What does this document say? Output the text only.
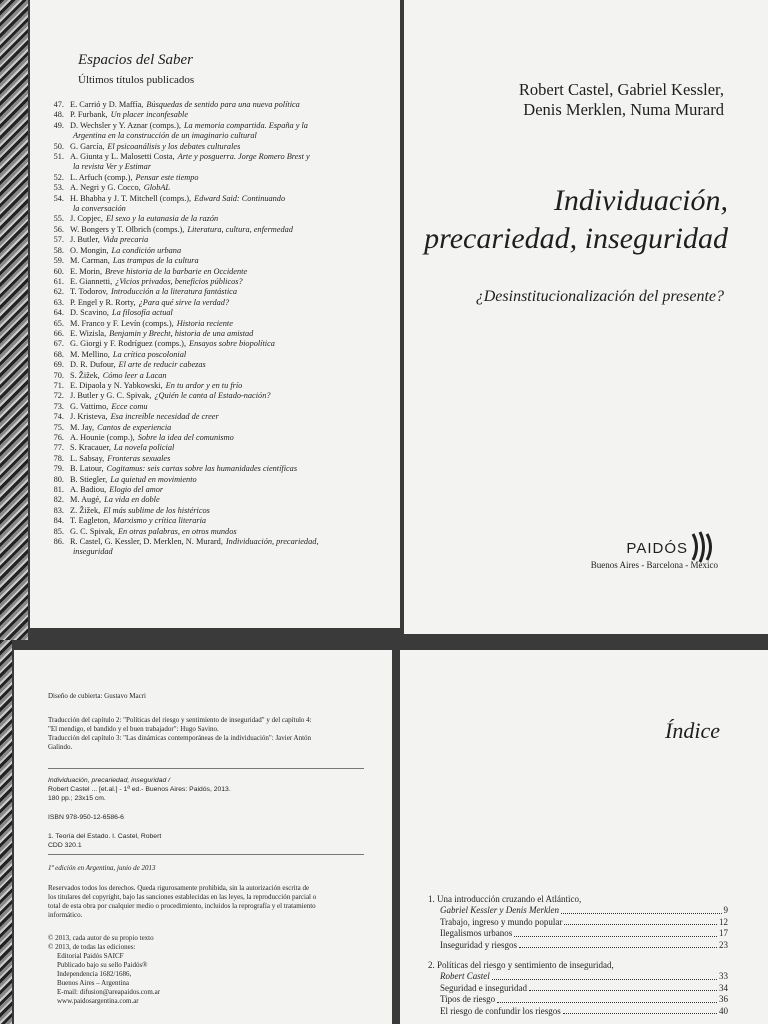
Espacios del Saber
Últimos títulos publicados
47. E. Carrió y D. Maffía, Búsquedas de sentido para una nueva política
48. P. Furbank, Un placer inconfesable
49. D. Wechsler y Y. Aznar (comps.), La memoria compartida. España y la
Argentina en la construcción de un imaginario cultural
50. G. García, El psicoanálisis y los debates culturales
51. A. Giunta y L. Malosetti Costa, Arte y posguerra. Jorge Romero Brest y
la revista Ver y Estimar
52. L. Arfuch (comp.), Pensar este tiempo
53. A. Negri y G. Cocco, GlobAL
54. H. Bhabha y J. T. Mitchell (comps.), Edward Said: Continuando
la conversación
55. J. Copjec, El sexo y la eutanasia de la razón
56. W. Bongers y T. Olbrich (comps.), Literatura, cultura, enfermedad
57. J. Butler, Vida precaria
58. O. Mongin, La condición urbana
59. M. Carman, Las trampas de la cultura
60. E. Morin, Breve historia de la barbarie en Occidente
61. E. Giannetti, ¿Vicios privados, beneficios públicos?
62. T. Todorov, Introducción a la literatura fantástica
63. P. Engel y R. Rorty, ¿Para qué sirve la verdad?
64. D. Scavino, La filosofía actual
65. M. Franco y F. Levín (comps.), Historia reciente
66. E. Wizisla, Benjamin y Brecht, historia de una amistad
67. G. Giorgi y F. Rodríguez (comps.), Ensayos sobre biopolítica
68. M. Mellino, La crítica poscolonial
69. D. R. Dufour, El arte de reducir cabezas
70. S. Žižek, Cómo leer a Lacan
71. E. Dipaola y N. Yabkowski, En tu ardor y en tu frío
72. J. Butler y G. C. Spivak, ¿Quién le canta al Estado-nación?
73. G. Vattimo, Ecce comu
74. J. Kristeva, Esa increíble necesidad de creer
75. M. Jay, Cantos de experiencia
76. A. Hounie (comp.), Sobre la idea del comunismo
77. S. Kracauer, La novela policial
78. L. Sabsay, Fronteras sexuales
79. B. Latour, Cogitamus: seis cartas sobre las humanidades científicas
80. B. Stiegler, La quietud en movimiento
81. A. Badiou, Elogio del amor
82. M. Augé, La vida en doble
83. Z. Žižek, El más sublime de los histéricos
84. T. Eagleton, Marxismo y crítica literaria
85. G. C. Spivak, En otras palabras, en otros mundos
86. R. Castel, G. Kessler, D. Merklen, N. Murard, Individuación, precariedad,
inseguridad
Robert Castel, Gabriel Kessler,
Denis Merklen, Numa Murard
Individuación,
precariedad, inseguridad
¿Desinstitucionalización del presente?
PAIDÓS
Buenos Aires - Barcelona - México
Diseño de cubierta: Gustavo Macri
Traducción del capítulo 2: "Políticas del riesgo y sentimiento de inseguridad" y del capítulo 4:
"El mendigo, el bandido y el buen trabajador": Hugo Savino.
Traducción del capítulo 3: "Las dinámicas contemporáneas de la individuación": Javier Antón
Galindo.
Individuación, precariedad, inseguridad /
Robert Castel ... [et.al.] - 1ª ed.- Buenos Aires: Paidós, 2013.
180 pp.; 23x15 cm.
ISBN 978-950-12-6586-6
1. Teoría del Estado. I. Castel, Robert
CDD 320.1
1ª edición en Argentina, junio de 2013
Reservados todos los derechos. Queda rigurosamente prohibida, sin la autorización escrita de
los titulares del copyright, bajo las sanciones establecidas en las leyes, la reproducción parcial o
total de esta obra por cualquier medio o procedimiento, incluidos la reprografía y el tratamiento
informático.
© 2013, cada autor de su propio texto
© 2013, de todas las ediciones:
Editorial Paidós SAICF
Publicado bajo su sello Paidós®
Independencia 1682/1686,
Buenos Aires – Argentina
E-mail: difusion@areapaidos.com.ar
www.paidosargentina.com.ar
Índice
1. Una introducción cruzando el Atlántico,
Gabriel Kessler y Denis Merklen	9
Trabajo, ingreso y mundo popular	12
Ilegalismos urbanos	17
Inseguridad y riesgos	23
2. Políticas del riesgo y sentimiento de inseguridad,
Robert Castel	33
Seguridad e inseguridad	34
Tipos de riesgo	36
El riesgo de confundir los riesgos	40
